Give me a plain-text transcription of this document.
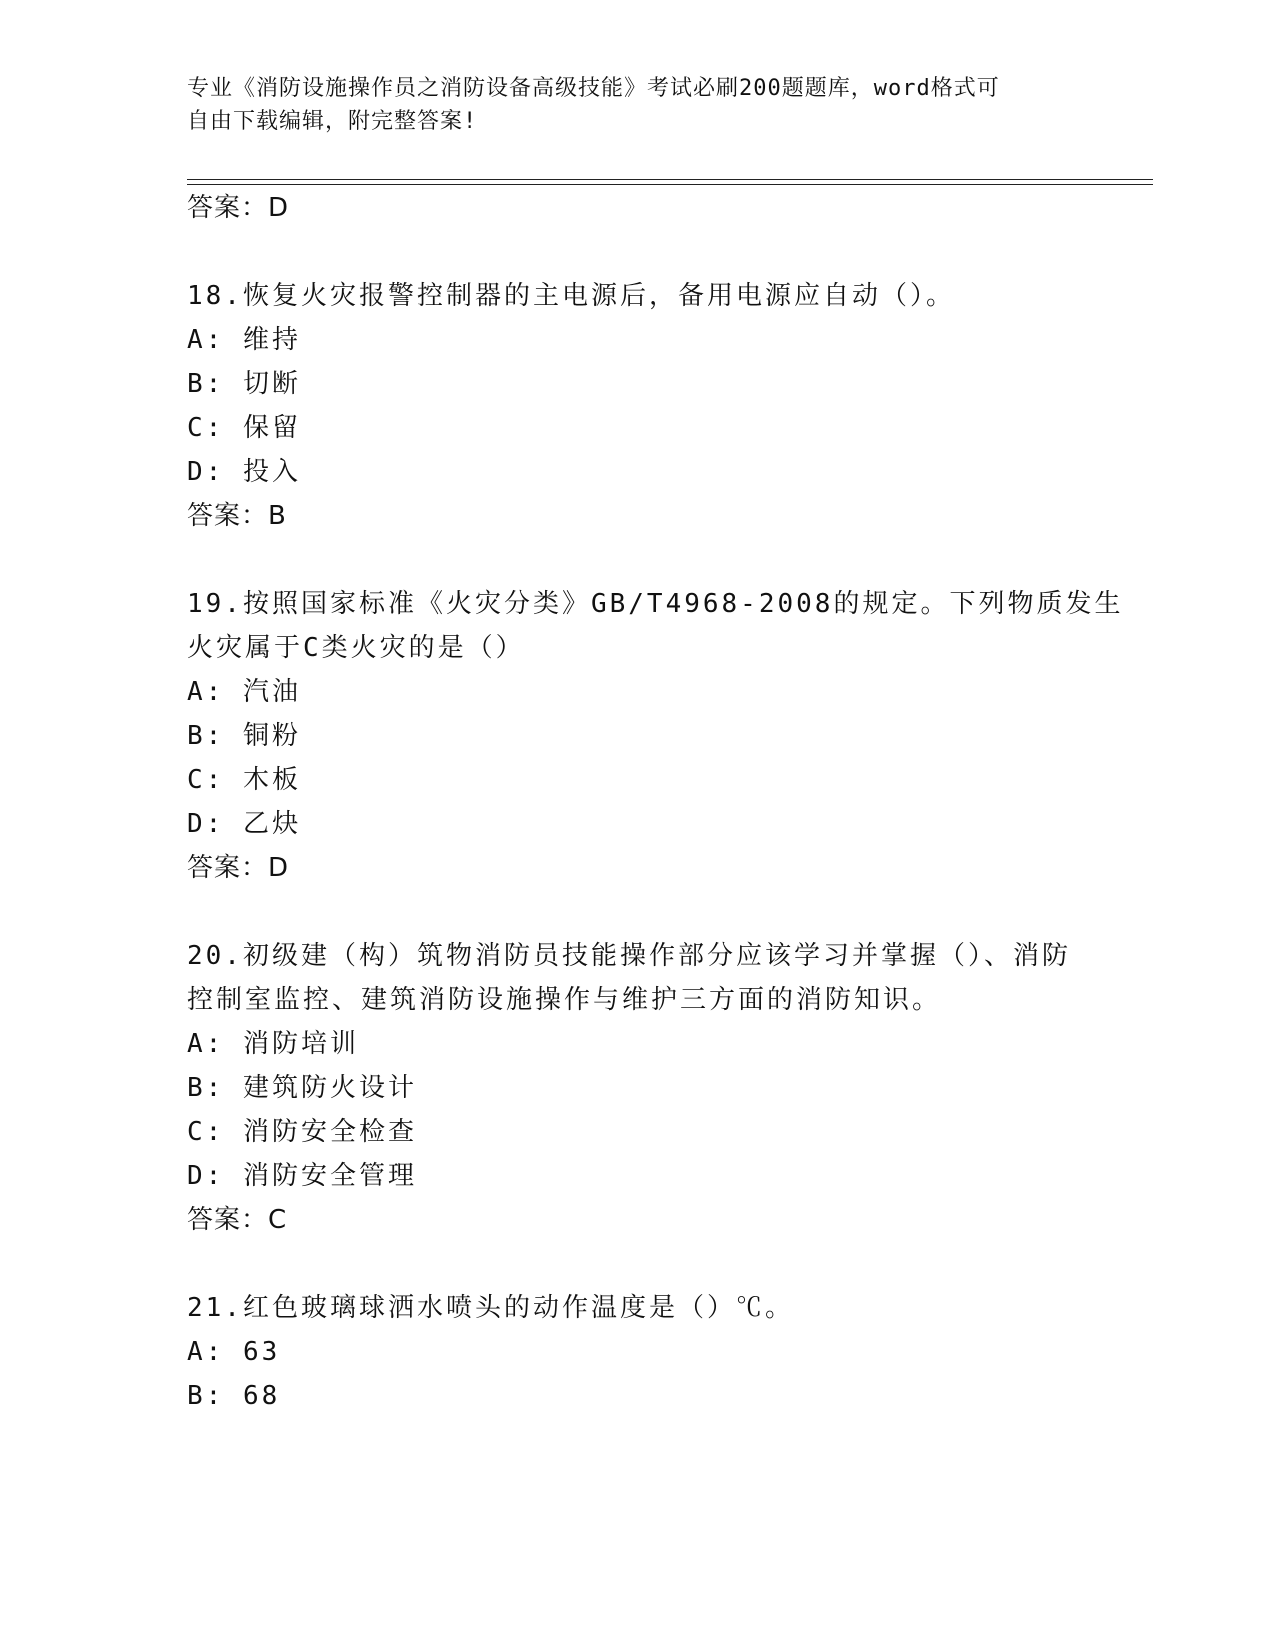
专业《消防设施操作员之消防设备高级技能》考试必刷200题题库，word格式可

自由下载编辑，附完整答案!

答案：D
18.恢复火灾报警控制器的主电源后，备用电源应自动（）。
A: 维持
B: 切断
C: 保留
D: 投入
答案：B
19.按照国家标准《火灾分类》GB/T4968-2008的规定。下列物质发生
火灾属于C类火灾的是（）
A: 汽油
B: 铜粉
C: 木板
D: 乙炔
答案：D
20.初级建（构）筑物消防员技能操作部分应该学习并掌握（）、消防
控制室监控、建筑消防设施操作与维护三方面的消防知识。
A: 消防培训
B: 建筑防火设计
C: 消防安全检查
D: 消防安全管理
答案：C
21.红色玻璃球洒水喷头的动作温度是（）℃。
A: 63
B: 68
